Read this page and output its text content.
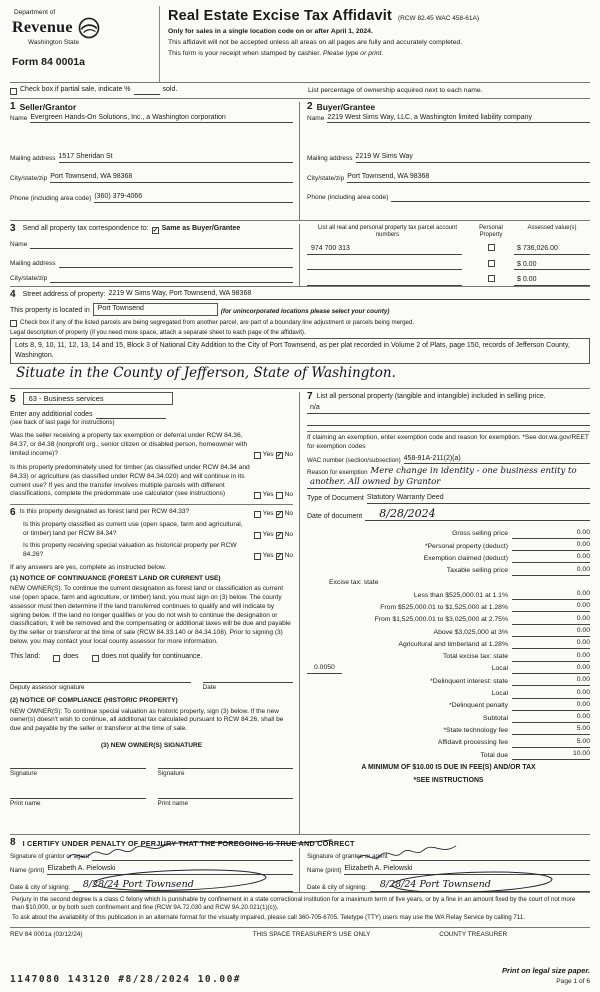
Department of
Revenue
Washington State
Form 84 0001a
Real Estate Excise Tax Affidavit (RCW 82.45 WAC 458-61A)
Only for sales in a single location code on or after April 1, 2024.
This affidavit will not be accepted unless all areas on all pages are fully and accurately completed.
This form is your receipt when stamped by cashier. Please type or print.
Check box if partial sale, indicate %	sold.	List percentage of ownership acquired next to each name.
1 Seller/Grantor
Name Evergreen Hands-On Solutions, Inc., a Washington corporation
Mailing address 1517 Sheridan St
City/state/zip Port Townsend, WA 98368
Phone (including area code) (360) 379-4066
2 Buyer/Grantee
Name 2219 West Sims Way, LLC, a Washington limited liability company
Mailing address 2219 W Sims Way
City/state/zip Port Townsend, WA 98368
Phone (including area code)
3 Send all property tax correspondence to: ✓ Same as Buyer/Grantee
Name
Mailing address
City/state/zip
List all real and personal property tax parcel account numbers
Personal Property
Assessed value(s)
974 700 313	$ 736,026.00
$ 0.00
$ 0.00
4 Street address of property: 2219 W Sims Way, Port Townsend, WA 98368
This property is located in	Port Townsend	(for unincorporated locations please select your county)
Check box if any of the listed parcels are being segregated from another parcel, are part of a boundary line adjustment or parcels being merged.
Legal description of property (if you need more space, attach a separate sheet to each page of the affidavit).
Lots 8, 9, 10, 11, 12, 13, 14 and 15, Block 3 of National City Addition to the City of Port Townsend, as per plat recorded in Volume 2 of Plats, page 150, records of Jefferson County, Washington.
Situate in the County of Jefferson, State of Washington.
5	63 - Business services
Enter any additional codes
(see back of last page for instructions)
Was the seller receiving a property tax exemption or deferral under RCW 84.36, 84.37, or 84.38 (nonprofit org., senior citizen or disabled person, homeowner with limited income)?	Yes ✓ No
Is this property predominately used for timber (as classified under RCW 84.34 and 84.33) or agriculture (as classified under RCW 84.34.020) and will continue in its current use? If yes and the transfer involves multiple parcels with different classifications, complete the predominate use calculator (see instructions)	Yes No
6 Is this property designated as forest land per RCW 84.33?	Yes ✓ No
Is this property classified as current use (open space, farm and agricultural, or timber) land per RCW 84.34?	Yes ✓ No
Is this property receiving special valuation as historical property per RCW 84.26?	Yes ✓ No
If any answers are yes, complete as instructed below.
(1) NOTICE OF CONTINUANCE (FOREST LAND OR CURRENT USE)
NEW OWNER(S): To continue the current designation as forest land or classification as current use (open space, farm and agriculture, or timber) land, you must sign on (3) below. The county assessor must then determine if the land transferred continues to qualify and will indicate by signing below. If the land no longer qualifies or you do not wish to continue the designation or classification, it will be removed and the compensating or additional taxes will be due and payable by the seller or transferor at the time of sale (RCW 84.33.140 or 84.34.108). Prior to signing (3) below, you may contact your local county assessor for more information.
This land:	does	does not qualify for continuance.
Deputy assessor signature	Date
(2) NOTICE OF COMPLIANCE (HISTORIC PROPERTY)
NEW OWNER(S): To continue special valuation as historic property, sign (3) below. If the new owner(s) doesn't wish to continue, all additional tax calculated pursuant to RCW 84.26, shall be due and payable by the seller or transferor at the time of sale.
(3) NEW OWNER(S) SIGNATURE
Signature	Signature
Print name	Print name
7 List all personal property (tangible and intangible) included in selling price.
n/a
If claiming an exemption, enter exemption code and reason for exemption. *See dor.wa.gov/REET for exemption codes
WAC number (section/subsection) 458-91A-211(2)(a)
Reason for exemption Mere change in identity - one business entity to
another. All owned by Grantor
Type of Document Statutory Warranty Deed
Date of document	8/28/2024
Gross selling price	0.00
*Personal property (deduct)	0.00
Exemption claimed (deduct)	0.00
Taxable selling price	0.00
Excise tax: state
Less than $525,000.01 at 1.1%	0.00
From $525,000.01 to $1,525,000 at 1.28%	0.00
From $1,525,000.01 to $3,025,000 at 2.75%	0.00
Above $3,025,000 at 3%	0.00
Agricultural and timberland at 1.28%	0.00
Total excise tax: state	0.00
0.0050	Local	0.00
*Delinquent interest: state	0.00
Local	0.00
*Delinquent penalty	0.00
Subtotal	0.00
*State technology fee	5.00
Affidavit processing fee	5.00
Total due	10.00
A MINIMUM OF $10.00 IS DUE IN FEE(S) AND/OR TAX
*SEE INSTRUCTIONS
8 I CERTIFY UNDER PENALTY OF PERJURY THAT THE FOREGOING IS TRUE AND CORRECT
Signature of grantor or agent
Name (print) Elizabeth A. Pielowski
Date & city of signing:	8/28/24 Port Townsend
Sign​ature of grantee or agent
Name (print) Elizabeth A. Pielowski
Date & city of signing:	8/28/24 Port Townsend
Perjury in the second degree is a class C felony which is punishable by confinement in a state correctional institution for a maximum term of five years, or by a fine in an amount fixed by the court of not more than $10,000, or by both such confinement and fine (RCW 9A.72.030 and RCW 9A.20.021(1)(c)).
To ask about the availability of this publication in an alternate format for the visually impaired, please call 360-705-6705. Teletype (TTY) users may use the WA Relay Service by calling 711.
REV 84 0001a (03/12/24)	THIS SPACE TREASURER'S USE ONLY	COUNTY TREASURER
1147080 143120 #8/28/2024 10.00#
Print on legal size paper.
Page 1 of 6
